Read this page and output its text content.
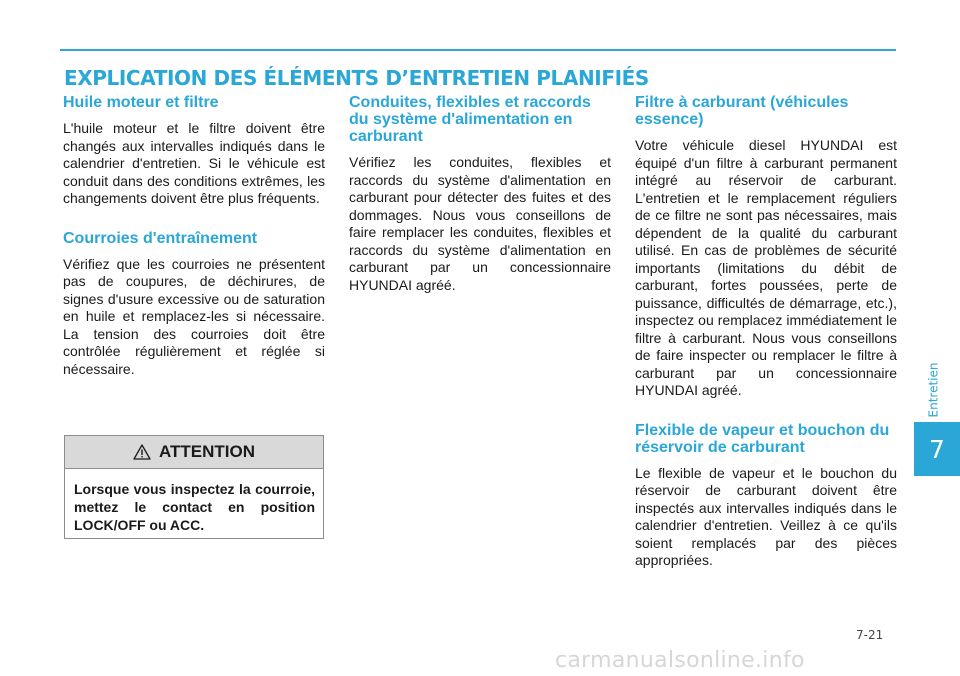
EXPLICATION DES ÉLÉMENTS D’ENTRETIEN PLANIFIÉS
Huile moteur et filtre

L'huile moteur et le filtre doivent être changés aux intervalles indiqués dans le calendrier d'entretien. Si le véhicule est conduit dans des conditions extrêmes, les changements doivent être plus fréquents.

Courroies d'entraînement

Vérifiez que les courroies ne présentent pas de coupures, de déchirures, de signes d'usure excessive ou de saturation en huile et remplacez-les si nécessaire. La tension des courroies doit être contrôlée régulièrement et réglée si nécessaire.

ATTENTION

Lorsque vous inspectez la courroie, mettez le contact en position LOCK/OFF ou ACC.

Conduites, flexibles et raccords du système d'alimentation en carburant

Vérifiez les conduites, flexibles et raccords du système d'alimentation en carburant pour détecter des fuites et des dommages. Nous vous conseillons de faire remplacer les conduites, flexibles et raccords du système d'alimentation en carburant par un concessionnaire HYUNDAI agréé.

Filtre à carburant (véhicules essence)

Votre véhicule diesel HYUNDAI est équipé d'un filtre à carburant permanent intégré au réservoir de carburant. L'entretien et le remplacement réguliers de ce filtre ne sont pas nécessaires, mais dépendent de la qualité du carburant utilisé. En cas de problèmes de sécurité importants (limitations du débit de carburant, fortes poussées, perte de puissance, difficultés de démarrage, etc.), inspectez ou remplacez immédiatement le filtre à carburant. Nous vous conseillons de faire inspecter ou remplacer le filtre à carburant par un concessionnaire HYUNDAI agréé.

Flexible de vapeur et bouchon du réservoir de carburant

Le flexible de vapeur et le bouchon du réservoir de carburant doivent être inspectés aux intervalles indiqués dans le calendrier d'entretien. Veillez à ce qu'ils soient remplacés par des pièces appropriées.

Entretien
7
7-21
carmanualsonline.info
